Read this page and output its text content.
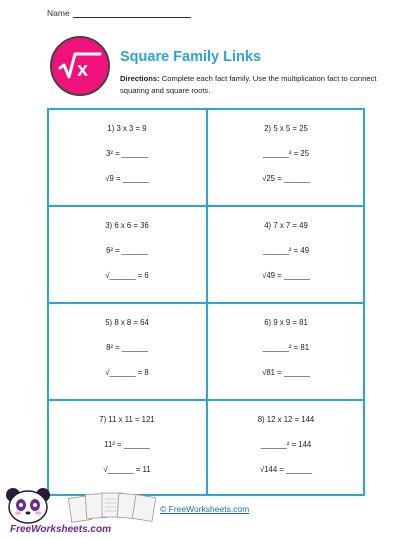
Name
x
Square Family Links
Directions: Complete each fact family. Use the multiplication fact to connect squaring and square roots.
1) 3 x 3 = 9
3² = ______
√9 = ______
2) 5 x 5 = 25
______² = 25
√25 = ______
3) 6 x 6 = 36
6² = ______
√______ = 6
4) 7 x 7 = 49
______² = 49
√49 = ______
5) 8 x 8 = 64
8² = ______
√______ = 8
6) 9 x 9 = 81
______² = 81
√81 = ______
7) 11 x 11 = 121
11² = ______
√______ = 11
8) 12 x 12 = 144
______² = 144
√144 = ______
FreeWorksheets.com
© FreeWorksheets.com
